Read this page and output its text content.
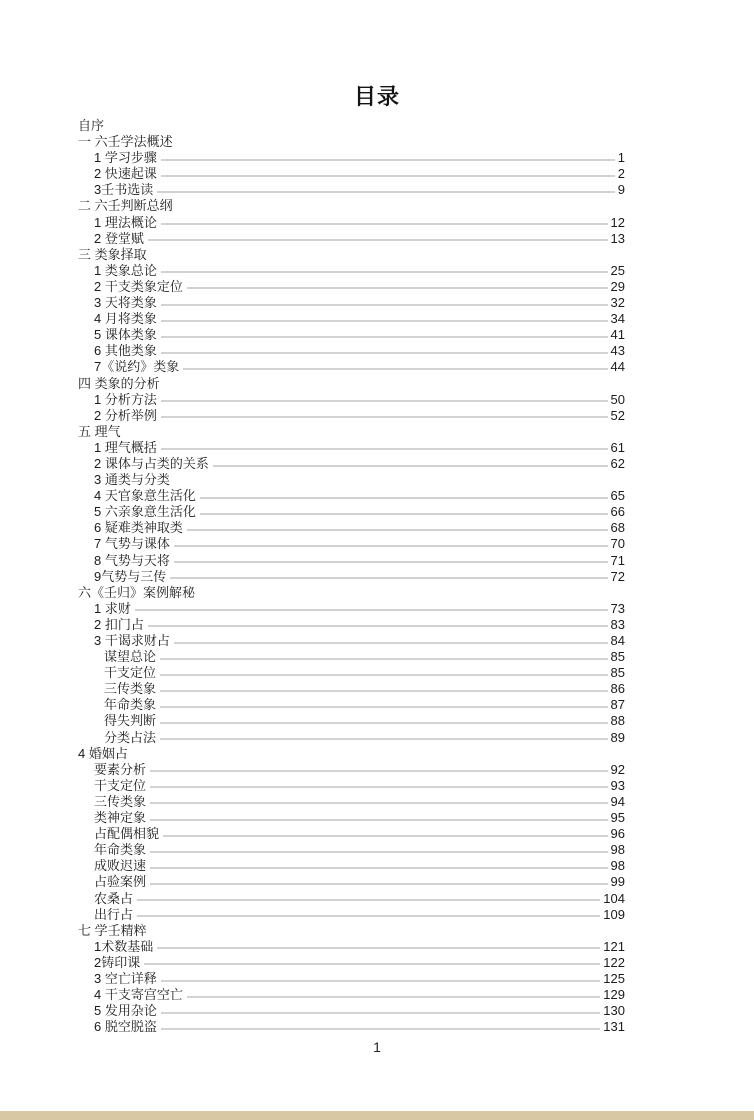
目录
自序
一 六壬学法概述
1 学习步骤	1
2 快速起课	2
3壬书选读	9
二 六壬判断总纲
1 理法概论	12
2 登堂赋	13
三 类象择取
1 类象总论	25
2 干支类象定位	29
3 天将类象	32
4 月将类象	34
5 课体类象	41
6 其他类象	43
7《说约》类象	44
四 类象的分析
1 分析方法	50
2 分析举例	52
五 理气
1 理气概括	61
2 课体与占类的关系	62
3 通类与分类
4 天官象意生活化	65
5 六亲象意生活化	66
6 疑难类神取类	68
7 气势与课体	70
8 气势与天将	71
9气势与三传	72
六《壬归》案例解秘
1 求财	73
2 扣门占	83
3 干谒求财占	84
谋望总论	85
干支定位	85
三传类象	86
年命类象	87
得失判断	88
分类占法	89
4 婚姻占
要素分析	92
干支定位	93
三传类象	94
类神定象	95
占配偶相貌	96
年命类象	98
成败迟速	98
占验案例	99
农桑占	104
出行占	109
七 学壬精粹
1术数基础	121
2铸印课	122
3 空亡详释	125
4 干支寄宫空亡	129
5 发用杂论	130
6 脱空脱盗	131
1
